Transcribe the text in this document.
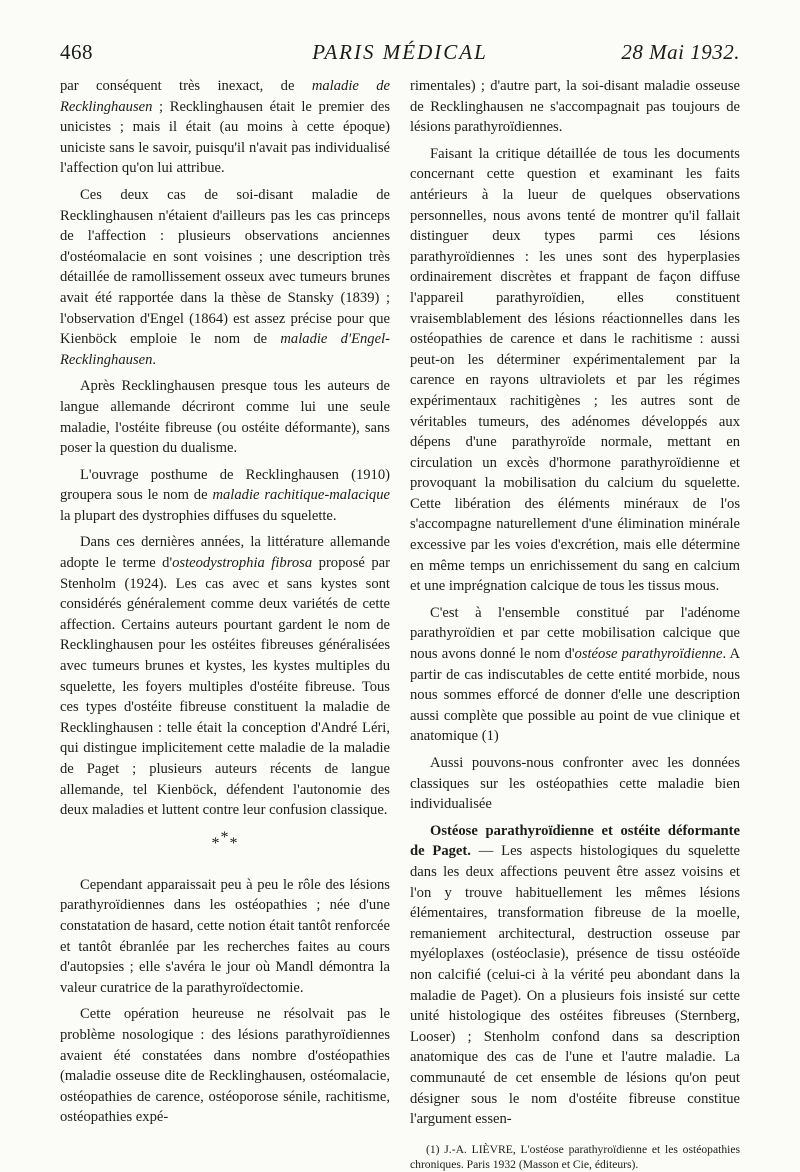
468	PARIS MÉDICAL	28 Mai 1932.

par conséquent très inexact, de maladie de Recklinghausen ; Recklinghausen était le premier des unicistes ; mais il était (au moins à cette époque) uniciste sans le savoir, puisqu'il n'avait pas individualisé l'affection qu'on lui attribue.

Ces deux cas de soi-disant maladie de Recklinghausen n'étaient d'ailleurs pas les cas princeps de l'affection : plusieurs observations anciennes d'ostéomalacie en sont voisines ; une description très détaillée de ramollissement osseux avec tumeurs brunes avait été rapportée dans la thèse de Stansky (1839) ; l'observation d'Engel (1864) est assez précise pour que Kienböck emploie le nom de maladie d'Engel-Recklinghausen.

Après Recklinghausen presque tous les auteurs de langue allemande décriront comme lui une seule maladie, l'ostéite fibreuse (ou ostéite déformante), sans poser la question du dualisme.

L'ouvrage posthume de Recklinghausen (1910) groupera sous le nom de maladie rachitique-malacique la plupart des dystrophies diffuses du squelette.

Dans ces dernières années, la littérature allemande adopte le terme d'osteodystrophia fibrosa proposé par Stenholm (1924). Les cas avec et sans kystes sont considérés généralement comme deux variétés de cette affection. Certains auteurs pourtant gardent le nom de Recklinghausen pour les ostéites fibreuses généralisées avec tumeurs brunes et kystes, les kystes multiples du squelette, les foyers multiples d'ostéite fibreuse. Tous ces types d'ostéite fibreuse constituent la maladie de Recklinghausen : telle était la conception d'André Léri, qui distingue implicitement cette maladie de la maladie de Paget ; plusieurs auteurs récents de langue allemande, tel Kienböck, défendent l'autonomie des deux maladies et luttent contre leur confusion classique.

***

Cependant apparaissait peu à peu le rôle des lésions parathyroïdiennes dans les ostéopathies ; née d'une constatation de hasard, cette notion était tantôt renforcée et tantôt ébranlée par les recherches faites au cours d'autopsies ; elle s'avéra le jour où Mandl démontra la valeur curatrice de la parathyroïdectomie.

Cette opération heureuse ne résolvait pas le problème nosologique : des lésions parathyroïdiennes avaient été constatées dans nombre d'ostéopathies (maladie osseuse dite de Recklinghausen, ostéomalacie, ostéopathies de carence, ostéoporose sénile, rachitisme, ostéopathies expé-

rimentales) ; d'autre part, la soi-disant maladie osseuse de Recklinghausen ne s'accompagnait pas toujours de lésions parathyroïdiennes.

Faisant la critique détaillée de tous les documents concernant cette question et examinant les faits antérieurs à la lueur de quelques observations personnelles, nous avons tenté de montrer qu'il fallait distinguer deux types parmi ces lésions parathyroïdiennes : les unes sont des hyperplasies ordinairement discrètes et frappant de façon diffuse l'appareil parathyroïdien, elles constituent vraisemblablement des lésions réactionnelles dans les ostéopathies de carence et dans le rachitisme : aussi peut-on les déterminer expérimentalement par la carence en rayons ultraviolets et par les régimes expérimentaux rachitigènes ; les autres sont de véritables tumeurs, des adénomes développés aux dépens d'une parathyroïde normale, mettant en circulation un excès d'hormone parathyroïdienne et provoquant la mobilisation du calcium du squelette. Cette libération des éléments minéraux de l'os s'accompagne naturellement d'une élimination minérale excessive par les voies d'excrétion, mais elle détermine en même temps un enrichissement du sang en calcium et une imprégnation calcique de tous les tissus mous.

C'est à l'ensemble constitué par l'adénome parathyroïdien et par cette mobilisation calcique que nous avons donné le nom d'ostéose parathyroïdienne. A partir de cas indiscutables de cette entité morbide, nous nous sommes efforcé de donner d'elle une description aussi complète que possible au point de vue clinique et anatomique (1)

Aussi pouvons-nous confronter avec les données classiques sur les ostéopathies cette maladie bien individualisée

Ostéose parathyroïdienne et ostéite déformante de Paget. — Les aspects histologiques du squelette dans les deux affections peuvent être assez voisins et l'on y trouve habituellement les mêmes lésions élémentaires, transformation fibreuse de la moelle, remaniement architectural, destruction osseuse par myéloplaxes (ostéoclasie), présence de tissu ostéoïde non calcifié (celui-ci à la vérité peu abondant dans la maladie de Paget). On a plusieurs fois insisté sur cette unité histologique des ostéites fibreuses (Sternberg, Looser) ; Stenholm confond dans sa description anatomique des cas de l'une et l'autre maladie. La communauté de cet ensemble de lésions qu'on peut désigner sous le nom d'ostéite fibreuse constitue l'argument essen-

(1) J.-A. LIÈVRE, L'ostéose parathyroïdienne et les ostéopathies chroniques. Paris 1932 (Masson et Cie, éditeurs).
